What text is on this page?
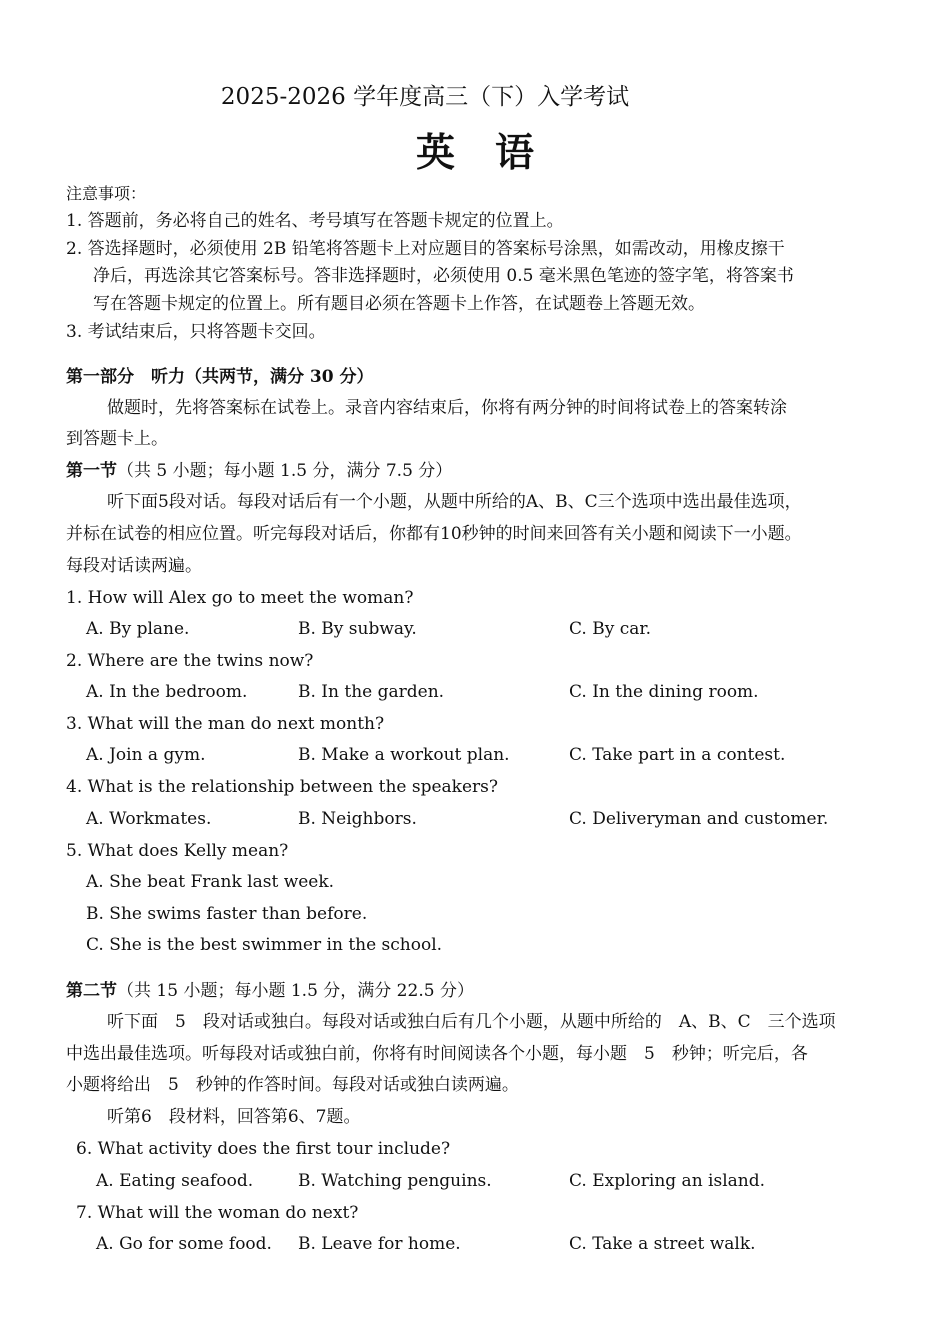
2025-2026 学年度高三（下）入学考试
英语
注意事项：
1. 答题前，务必将自己的姓名、考号填写在答题卡规定的位置上。
2. 答选择题时，必须使用 2B 铅笔将答题卡上对应题目的答案标号涂黑，如需改动，用橡皮擦干
净后，再选涂其它答案标号。答非选择题时，必须使用 0.5 毫米黑色笔迹的签字笔，将答案书
写在答题卡规定的位置上。所有题目必须在答题卡上作答，在试题卷上答题无效。
3. 考试结束后，只将答题卡交回。
第一部分　听力（共两节，满分 30 分）
做题时，先将答案标在试卷上。录音内容结束后，你将有两分钟的时间将试卷上的答案转涂
到答题卡上。
第一节（共 5 小题；每小题 1.5 分，满分 7.5 分）
听下面5段对话。每段对话后有一个小题，从题中所给的A、B、C三个选项中选出最佳选项，
并标在试卷的相应位置。听完每段对话后，你都有10秒钟的时间来回答有关小题和阅读下一小题。
每段对话读两遍。
1. How will Alex go to meet the woman?
A. By plane.	B. By subway.	C. By car.
2. Where are the twins now?
A. In the bedroom.	B. In the garden.	C. In the dining room.
3. What will the man do next month?
A. Join a gym.	B. Make a workout plan.	C. Take part in a contest.
4. What is the relationship between the speakers?
A. Workmates.	B. Neighbors.	C. Deliveryman and customer.
5. What does Kelly mean?
A. She beat Frank last week.
B. She swims faster than before.
C. She is the best swimmer in the school.
第二节（共 15 小题；每小题 1.5 分，满分 22.5 分）
听下面　5　段对话或独白。每段对话或独白后有几个小题，从题中所给的　A、B、C　三个选项
中选出最佳选项。听每段对话或独白前，你将有时间阅读各个小题，每小题　5　秒钟；听完后，各
小题将给出　5　秒钟的作答时间。每段对话或独白读两遍。
听第6　段材料，回答第6、7题。
6. What activity does the first tour include?
A. Eating seafood.	B. Watching penguins.	C. Exploring an island.
7. What will the woman do next?
A. Go for some food. B. Leave for home.	C. Take a street walk.
